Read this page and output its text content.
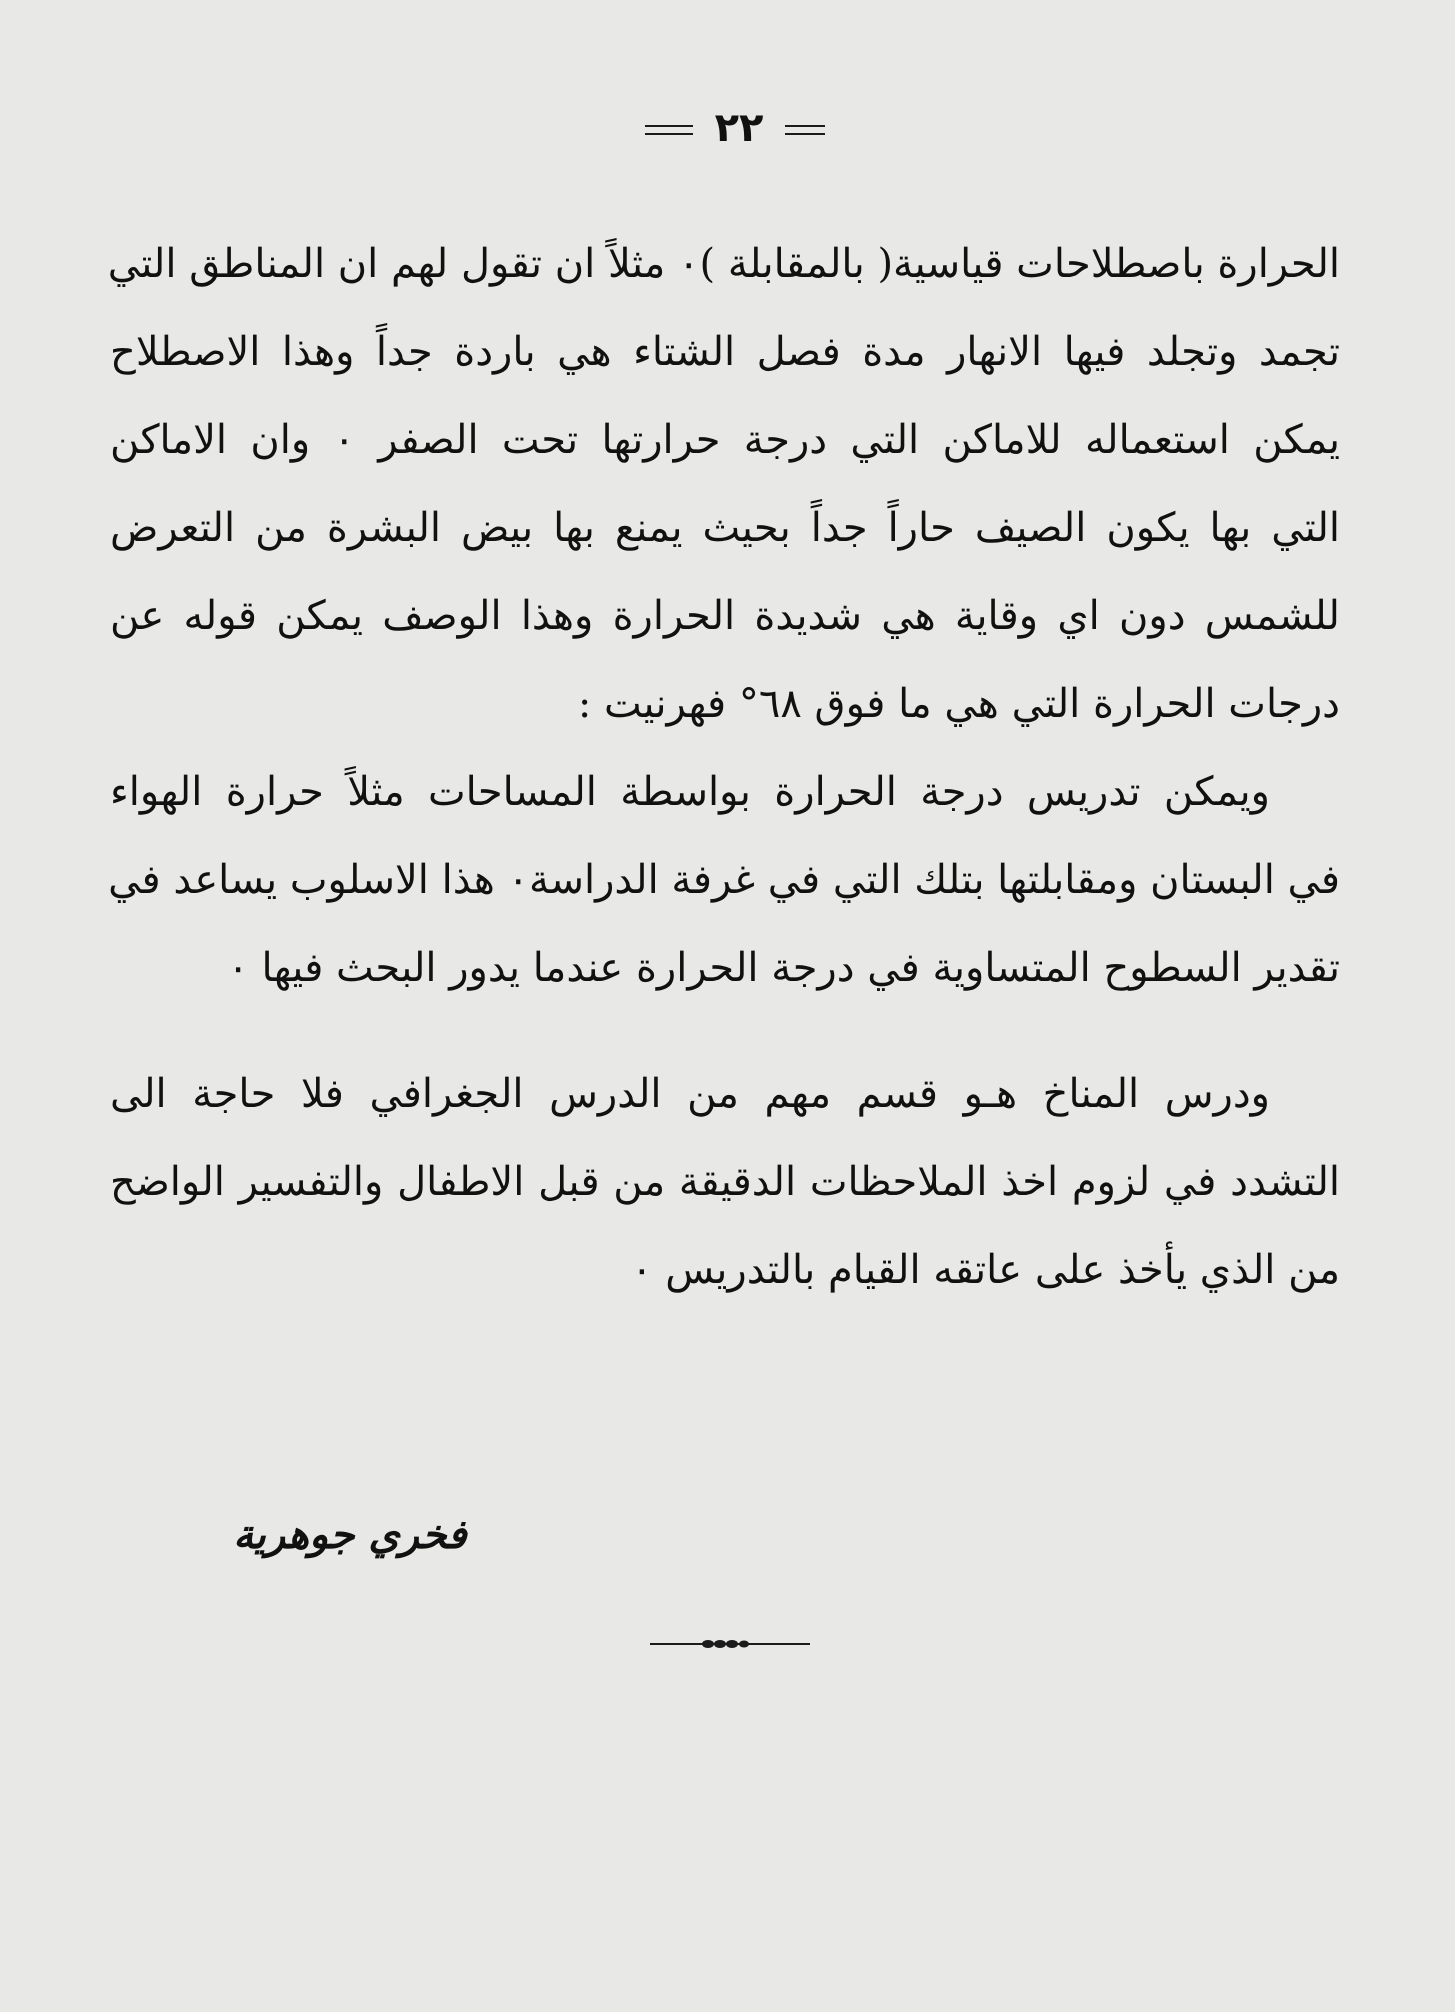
٢٢
الحرارة باصطلاحات قياسية( بالمقابلة )٠ مثلاً ان تقول لهم ان المناطق التي
تجمد وتجلد فيها الانهار مدة فصل الشتاء هي باردة جداً وهذا الاصطلاح
يمكن استعماله للاماكن التي درجة حرارتها تحت الصفر ٠ وان الاماكن
التي بها يكون الصيف حاراً جداً بحيث يمنع بها بيض البشرة من التعرض
للشمس دون اي وقاية هي شديدة الحرارة وهذا الوصف يمكن قوله عن
درجات الحرارة التي هي ما فوق ٦٨° فهرنيت :
ويمكن تدريس درجة الحرارة بواسطة المساحات مثلاً حرارة الهواء
في البستان ومقابلتها بتلك التي في غرفة الدراسة٠ هذا الاسلوب يساعد في
تقدير السطوح المتساوية في درجة الحرارة عندما يدور البحث فيها ٠
ودرس المناخ هـو قسم مهم من الدرس الجغرافي فلا حاجة الى
التشدد في لزوم اخذ الملاحظات الدقيقة من قبل الاطفال والتفسير الواضح
من الذي يأخذ على عاتقه القيام بالتدريس ٠
فخري جوهرية
